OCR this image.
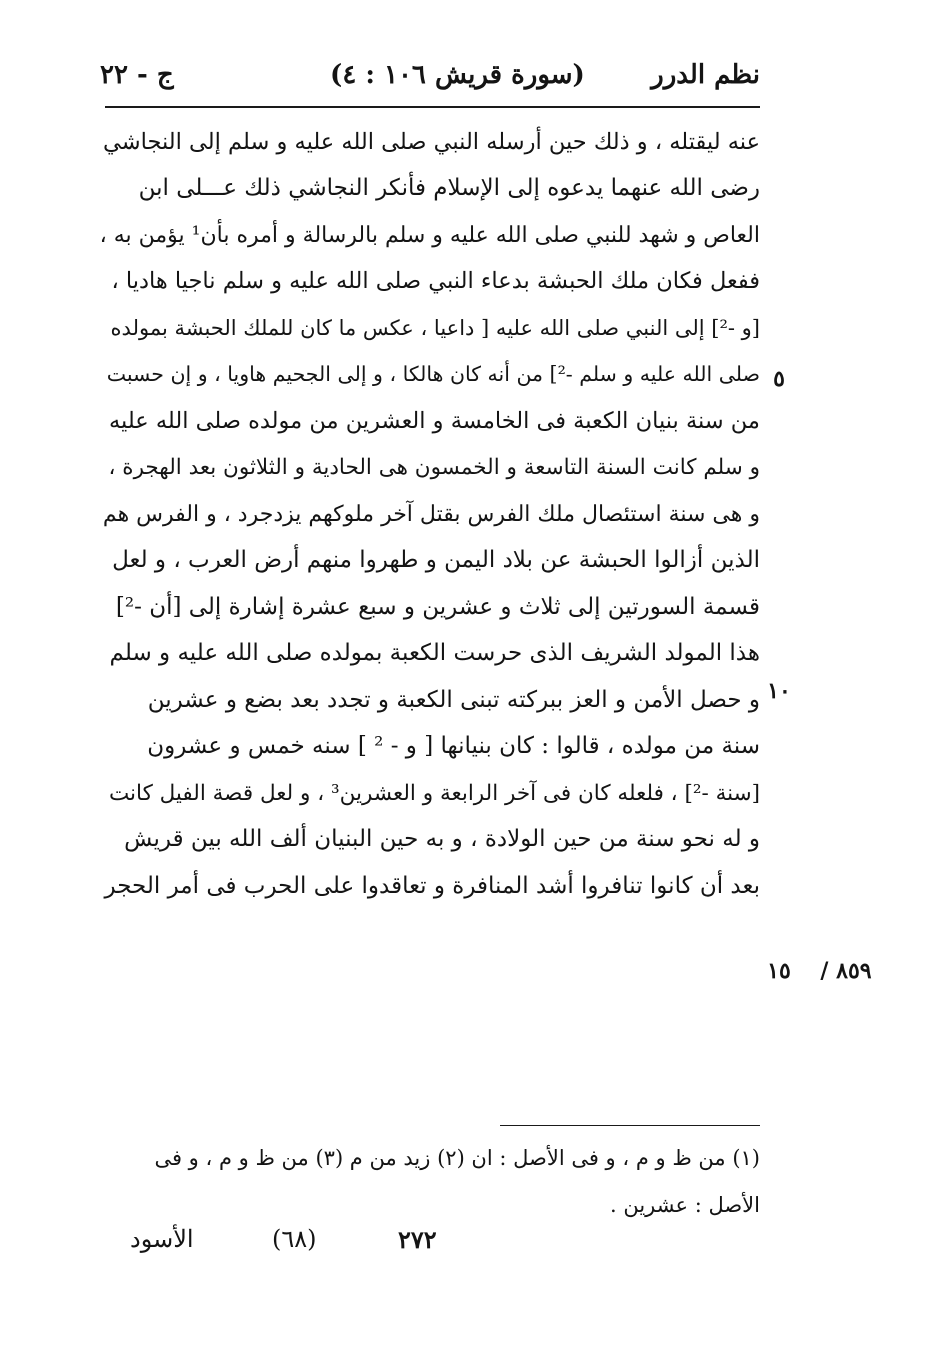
نظم الدرر
(سورة قريش ١٠٦ : ٤)
ج - ٢٢
عنه ليقتله ، و ذلك حين أرسله النبي صلى الله عليه و سلم إلى النجاشي
رضى الله عنهما يدعوه إلى الإسلام فأنكر النجاشي ذلك عـــلى ابن
العاص و شهد للنبي صلى الله عليه و سلم بالرسالة و أمره بأن¹ يؤمن به ،
ففعل فكان ملك الحبشة بدعاء النبي صلى الله عليه و سلم ناجيا هاديا ،
[و -²] إلى النبي صلى الله عليه [ داعيا ، عكس ما كان للملك الحبشة بمولده
صلى الله عليه و سلم -²] من أنه كان هالكا ، و إلى الجحيم هاويا ، و إن حسبت
من سنة بنيان الكعبة فى الخامسة و العشرين من مولده صلى الله عليه
و سلم كانت السنة التاسعة و الخمسون هى الحادية و الثلاثون بعد الهجرة ،
و هى سنة استئصال ملك الفرس بقتل آخر ملوكهم يزدجرد ، و الفرس هم
الذين أزالوا الحبشة عن بلاد اليمن و طهروا منهم أرض العرب ، و لعل
قسمة السورتين إلى ثلاث و عشرين و سبع عشرة إشارة إلى [أن -²]
هذا المولد الشريف الذى حرست الكعبة بمولده صلى الله عليه و سلم
و حصل الأمن و العز ببركته تبنى الكعبة و تجدد بعد بضع و عشرين
سنة من مولده ، قالوا : كان بنيانها [ و - ² ] سنه خمس و عشرون
[سنة -²] ، فلعله كان فى آخر الرابعة و العشرين³ ، و لعل قصة الفيل كانت
و له نحو سنة من حين الولادة ، و به حين البنيان ألف الله بين قريش
بعد أن كانوا تنافروا أشد المنافرة و تعاقدوا على الحرب فى أمر الحجر
٥
١٠
١٥ ٨٥٩ /
(١) من ظ و م ، و فى الأصل : ان (٢) زيد من م (٣) من ظ و م ، و فى
الأصل : عشرين .
٢٧٢
(٦٨)
الأسود
